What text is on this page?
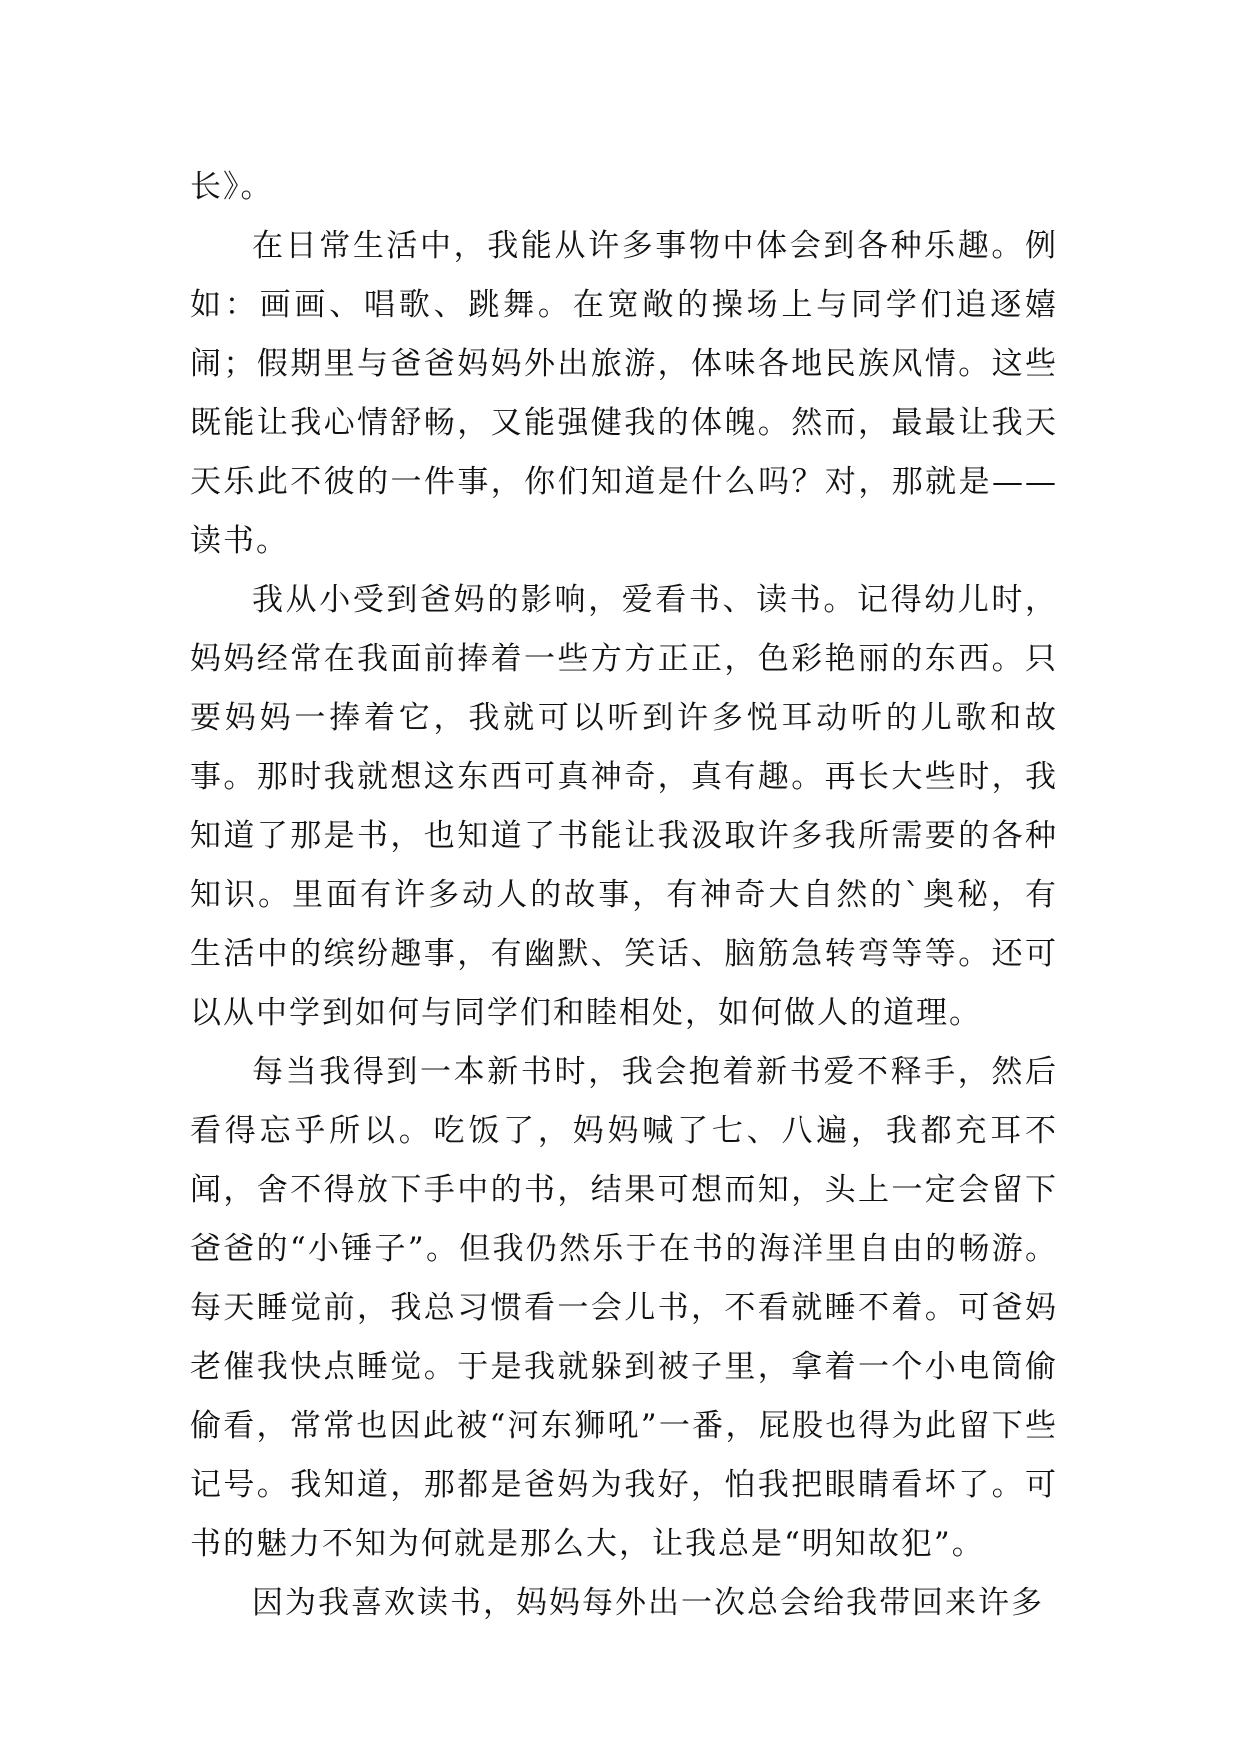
长》。

在日常生活中，我能从许多事物中体会到各种乐趣。例如：画画、唱歌、跳舞。在宽敞的操场上与同学们追逐嬉闹；假期里与爸爸妈妈外出旅游，体味各地民族风情。这些既能让我心情舒畅，又能强健我的体魄。然而，最最让我天天乐此不彼的一件事，你们知道是什么吗？对，那就是——读书。

我从小受到爸妈的影响，爱看书、读书。记得幼儿时，妈妈经常在我面前捧着一些方方正正，色彩艳丽的东西。只要妈妈一捧着它，我就可以听到许多悦耳动听的儿歌和故事。那时我就想这东西可真神奇，真有趣。再长大些时，我知道了那是书，也知道了书能让我汲取许多我所需要的各种知识。里面有许多动人的故事，有神奇大自然的`奥秘，有生活中的缤纷趣事，有幽默、笑话、脑筋急转弯等等。还可以从中学到如何与同学们和睦相处，如何做人的道理。

每当我得到一本新书时，我会抱着新书爱不释手，然后看得忘乎所以。吃饭了，妈妈喊了七、八遍，我都充耳不闻，舍不得放下手中的书，结果可想而知，头上一定会留下爸爸的“小锤子”。但我仍然乐于在书的海洋里自由的畅游。每天睡觉前，我总习惯看一会儿书，不看就睡不着。可爸妈老催我快点睡觉。于是我就躲到被子里，拿着一个小电筒偷偷看，常常也因此被“河东狮吼”一番，屁股也得为此留下些记号。我知道，那都是爸妈为我好，怕我把眼睛看坏了。可书的魅力不知为何就是那么大，让我总是“明知故犯”。

因为我喜欢读书，妈妈每外出一次总会给我带回来许多
